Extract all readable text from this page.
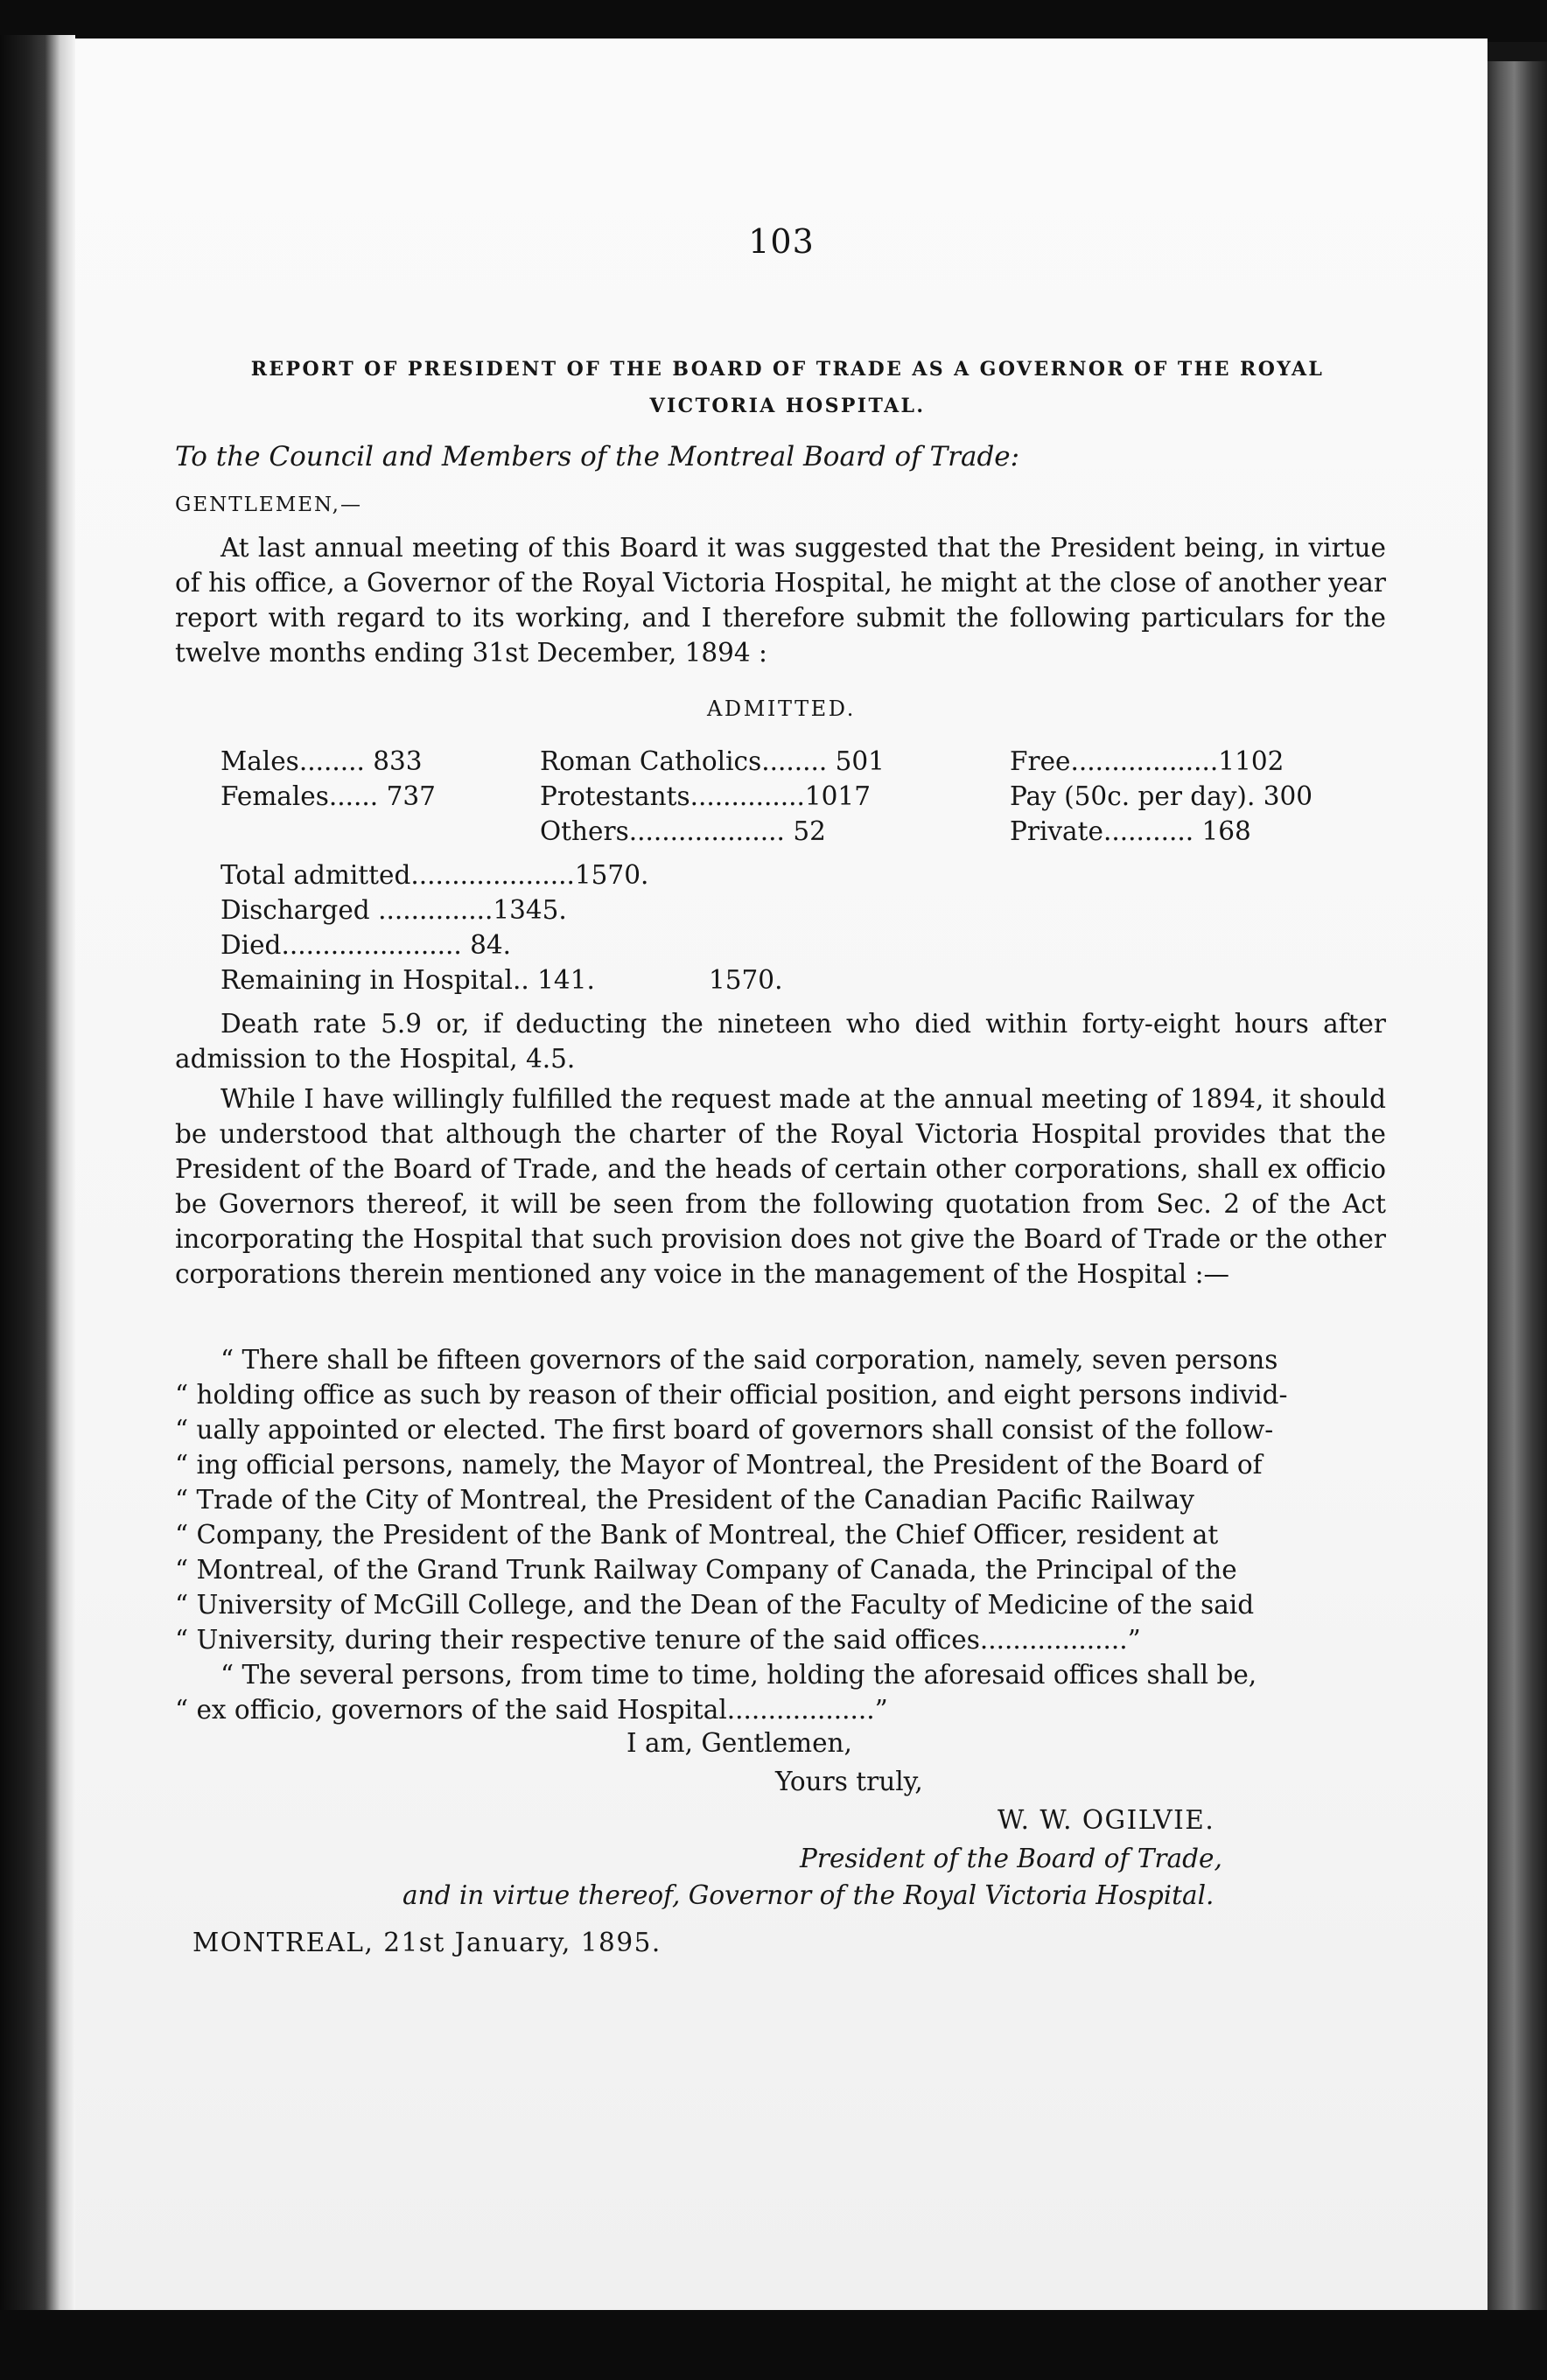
103
REPORT OF PRESIDENT OF THE BOARD OF TRADE AS A GOVERNOR OF THE ROYAL
VICTORIA HOSPITAL.
To the Council and Members of the Montreal Board of Trade:
GENTLEMEN,—
At last annual meeting of this Board it was suggested that the President being, in virtue of his office, a Governor of the Royal Victoria Hospital, he might at the close of another year report with regard to its working, and I therefore submit the following particulars for the twelve months ending 31st December, 1894 :
ADMITTED.
Males........ 833
Females...... 737
Roman Catholics........ 501
Protestants..............1017
Others................... 52
Free..................1102
Pay (50c. per day). 300
Private........... 168
Total admitted....................1570.
Discharged ..............1345.
Died...................... 84.
Remaining in Hospital.. 141.	1570.
Death rate 5.9 or, if deducting the nineteen who died within forty-eight hours after admission to the Hospital, 4.5.
While I have willingly fulfilled the request made at the annual meeting of 1894, it should be understood that although the charter of the Royal Victoria Hospital provides that the President of the Board of Trade, and the heads of certain other corporations, shall ex officio be Governors thereof, it will be seen from the following quotation from Sec. 2 of the Act incorporating the Hospital that such provision does not give the Board of Trade or the other corporations therein mentioned any voice in the management of the Hospital :—
“ There shall be fifteen governors of the said corporation, namely, seven persons
“ holding office as such by reason of their official position, and eight persons individ-
“ ually appointed or elected. The first board of governors shall consist of the follow-
“ ing official persons, namely, the Mayor of Montreal, the President of the Board of
“ Trade of the City of Montreal, the President of the Canadian Pacific Railway
“ Company, the President of the Bank of Montreal, the Chief Officer, resident at
“ Montreal, of the Grand Trunk Railway Company of Canada, the Principal of the
“ University of McGill College, and the Dean of the Faculty of Medicine of the said
“ University, during their respective tenure of the said offices..................”
“ The several persons, from time to time, holding the aforesaid offices shall be,
“ ex officio, governors of the said Hospital..................”
I am, Gentlemen,
Yours truly,
W. W. OGILVIE.
President of the Board of Trade,
and in virtue thereof, Governor of the Royal Victoria Hospital.
MONTREAL, 21st January, 1895.
